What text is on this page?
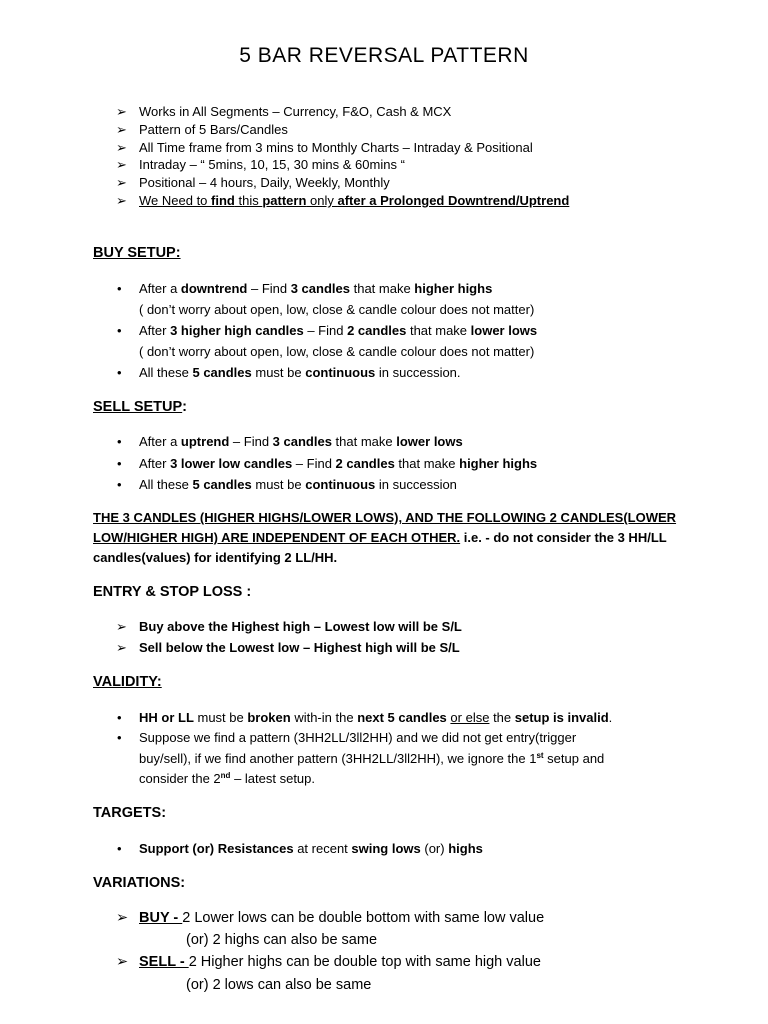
5 BAR REVERSAL PATTERN
➢ Works in All Segments – Currency, F&O, Cash & MCX
➢ Pattern of 5 Bars/Candles
➢ All Time frame from 3 mins to Monthly Charts – Intraday & Positional
➢ Intraday – “ 5mins, 10, 15, 30 mins & 60mins “
➢ Positional – 4 hours, Daily, Weekly, Monthly
➢ We Need to find this pattern only after a Prolonged Downtrend/Uptrend
BUY SETUP:
• After a downtrend – Find 3 candles that make higher highs
( don’t worry about open, low, close & candle colour does not matter)
• After 3 higher high candles – Find 2 candles that make lower lows
( don’t worry about open, low, close & candle colour does not matter)
• All these 5 candles must be continuous in succession.
SELL SETUP:
• After a uptrend – Find 3 candles that make lower lows
• After 3 lower low candles – Find 2 candles that make higher highs
• All these 5 candles must be continuous in succession
THE 3 CANDLES (HIGHER HIGHS/LOWER LOWS), AND THE FOLLOWING 2 CANDLES(LOWER
LOW/HIGHER HIGH) ARE INDEPENDENT OF EACH OTHER. i.e. - do not consider the 3 HH/LL
candles(values) for identifying 2 LL/HH.
ENTRY & STOP LOSS :
➢ Buy above the Highest high – Lowest low will be S/L
➢ Sell below the Lowest low – Highest high will be S/L
VALIDITY:
• HH or LL must be broken with-in the next 5 candles or else the setup is invalid.
• Suppose we find a pattern (3HH2LL/3ll2HH) and we did not get entry(trigger
buy/sell), if we find another pattern (3HH2LL/3ll2HH), we ignore the 1st setup and
consider the 2nd – latest setup.
TARGETS:
• Support (or) Resistances at recent swing lows (or) highs
VARIATIONS:
➢ BUY - 2 Lower lows can be double bottom with same low value
(or) 2 highs can also be same
➢ SELL - 2 Higher highs can be double top with same high value
(or) 2 lows can also be same
